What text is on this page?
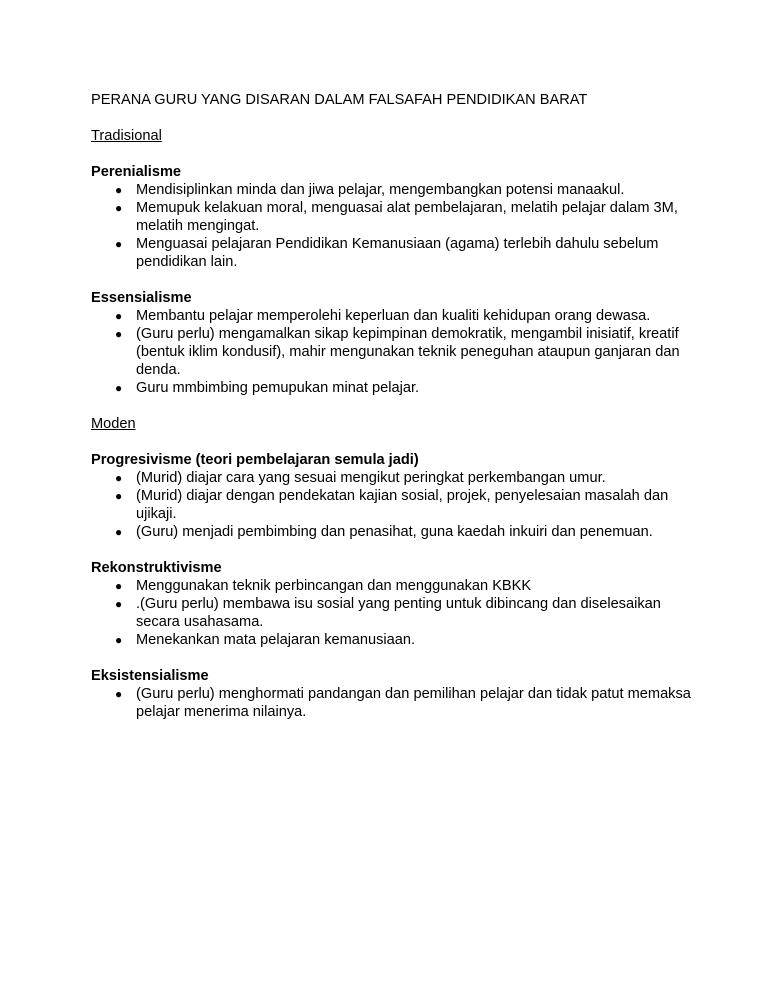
PERANA GURU YANG DISARAN DALAM FALSAFAH PENDIDIKAN BARAT
Tradisional
Perenialisme
● Mendisiplinkan minda dan jiwa pelajar, mengembangkan potensi manaakul.
● Memupuk kelakuan moral, menguasai alat pembelajaran, melatih pelajar dalam 3M, melatih mengingat.
● Menguasai pelajaran Pendidikan Kemanusiaan (agama) terlebih dahulu sebelum pendidikan lain.
Essensialisme
● Membantu pelajar memperolehi keperluan dan kualiti kehidupan orang dewasa.
● (Guru perlu) mengamalkan sikap kepimpinan demokratik, mengambil inisiatif, kreatif (bentuk iklim kondusif), mahir mengunakan teknik peneguhan ataupun ganjaran dan denda.
● Guru mmbimbing pemupukan minat pelajar.
Moden
Progresivisme (teori pembelajaran semula jadi)
● (Murid) diajar cara yang sesuai mengikut peringkat perkembangan umur.
● (Murid) diajar dengan pendekatan kajian sosial, projek, penyelesaian masalah dan ujikaji.
● (Guru) menjadi pembimbing dan penasihat, guna kaedah inkuiri dan penemuan.
Rekonstruktivisme
● Menggunakan teknik perbincangan dan menggunakan KBKK
● .(Guru perlu) membawa isu sosial yang penting untuk dibincang dan diselesaikan secara usahasama.
● Menekankan mata pelajaran kemanusiaan.
Eksistensialisme
● (Guru perlu) menghormati pandangan dan pemilihan pelajar dan tidak patut memaksa pelajar menerima nilainya.
